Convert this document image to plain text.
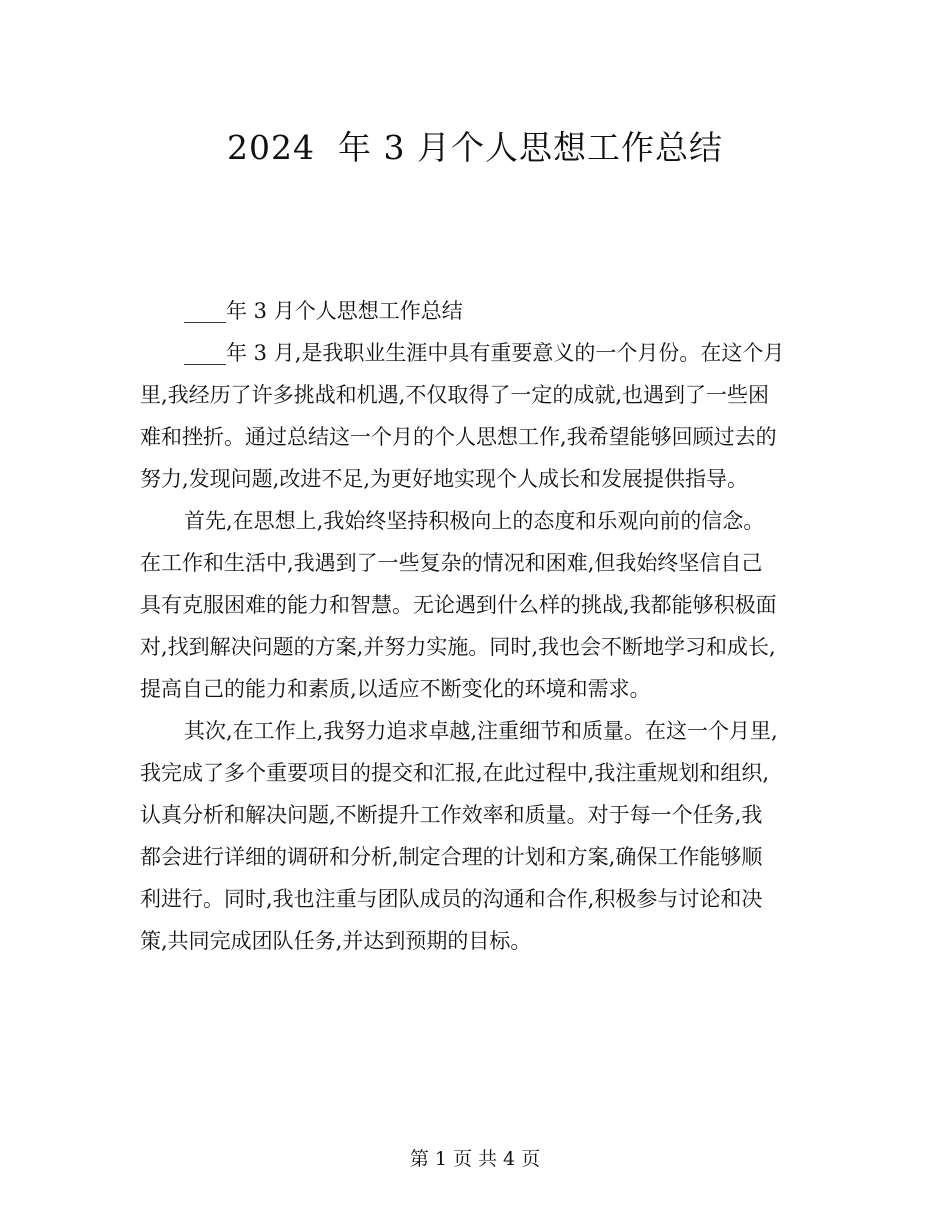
2024  年 3 月个人思想工作总结

____年 3 月个人思想工作总结

____年 3 月,是我职业生涯中具有重要意义的一个月份。在这个月
里,我经历了许多挑战和机遇,不仅取得了一定的成就,也遇到了一些困
难和挫折。通过总结这一个月的个人思想工作,我希望能够回顾过去的
努力,发现问题,改进不足,为更好地实现个人成长和发展提供指导。

首先,在思想上,我始终坚持积极向上的态度和乐观向前的信念。
在工作和生活中,我遇到了一些复杂的情况和困难,但我始终坚信自己
具有克服困难的能力和智慧。无论遇到什么样的挑战,我都能够积极面
对,找到解决问题的方案,并努力实施。同时,我也会不断地学习和成长,
提高自己的能力和素质,以适应不断变化的环境和需求。

其次,在工作上,我努力追求卓越,注重细节和质量。在这一个月里,
我完成了多个重要项目的提交和汇报,在此过程中,我注重规划和组织,
认真分析和解决问题,不断提升工作效率和质量。对于每一个任务,我
都会进行详细的调研和分析,制定合理的计划和方案,确保工作能够顺
利进行。同时,我也注重与团队成员的沟通和合作,积极参与讨论和决
策,共同完成团队任务,并达到预期的目标。

第 1 页 共 4 页
